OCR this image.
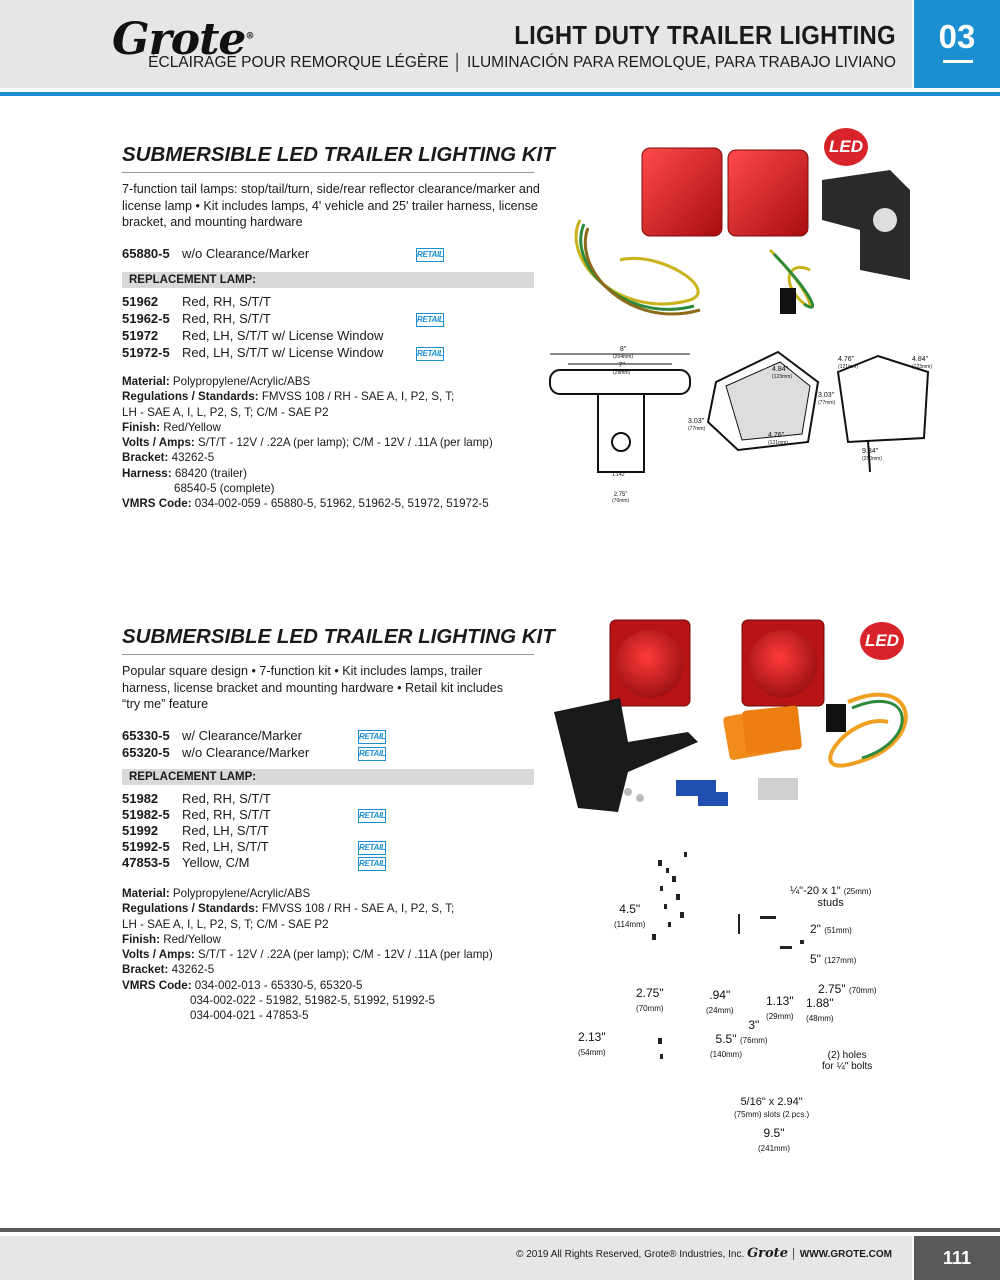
Grote®	LIGHT DUTY TRAILER LIGHTING
ÉCLAIRAGE POUR REMORQUE LÉGÈRE │ ILUMINACIÓN PARA REMOLQUE, PARA TRABAJO LIVIANO
03
SUBMERSIBLE LED TRAILER LIGHTING KIT
7-function tail lamps: stop/tail/turn, side/rear reflector clearance/marker and license lamp • Kit includes lamps, 4' vehicle and 25' trailer harness, license bracket, and mounting hardware
65880-5 w/o Clearance/Marker	RETAIL
REPLACEMENT LAMP:
51962 Red, RH, S/T/T
51962-5 Red, RH, S/T/T	RETAIL
51972 Red, LH, S/T/T w/ License Window
51972-5 Red, LH, S/T/T w/ License Window	RETAIL
Material: Polypropylene/Acrylic/ABS
Regulations / Standards: FMVSS 108 / RH - SAE A, I, P2, S, T;
LH - SAE A, I, L, P2, S, T; C/M - SAE P2
Finish: Red/Yellow
Volts / Amps: S/T/T - 12V / .22A (per lamp); C/M - 12V / .11A (per lamp)
Bracket: 43262-5
Harness: 68420 (trailer)
68540-5 (complete)
VMRS Code: 034-002-059 - 65880-5, 51962, 51962-5, 51972, 51972-5
LED
8"
(204mm)
7"
(29mm)	4.84"
(123mm)
3.03"
(77mm)
4.76"
(121mm)
4.76"
(121mm)
4.84"
(123mm)
3.03"
(77mm)
9.84"
(250mm)
1.142"
2.75"
(70mm)
SUBMERSIBLE LED TRAILER LIGHTING KIT
Popular square design • 7-function kit • Kit includes lamps, trailer harness, license bracket and mounting hardware • Retail kit includes “try me” feature
65330-5 w/ Clearance/Marker	RETAIL
65320-5 w/o Clearance/Marker	RETAIL
REPLACEMENT LAMP:
51982 Red, RH, S/T/T
51982-5 Red, RH, S/T/T	RETAIL
51992 Red, LH, S/T/T
51992-5 Red, LH, S/T/T	RETAIL
47853-5 Yellow, C/M	RETAIL
Material: Polypropylene/Acrylic/ABS
Regulations / Standards: FMVSS 108 / RH - SAE A, I, P2, S, T;
LH - SAE A, I, L, P2, S, T; C/M - SAE P2
Finish: Red/Yellow
Volts / Amps: S/T/T - 12V / .22A (per lamp); C/M - 12V / .11A (per lamp)
Bracket: 43262-5
VMRS Code: 034-002-013 - 65330-5, 65320-5
034-002-022 - 51982, 51982-5, 51992, 51992-5
034-004-021 - 47853-5
LED
¼"-20 x 1" (25mm)
studs
4.5"
(114mm)	2" (51mm)
5" (127mm)
2.75"
(70mm)
.94"
(24mm)
1.13"
(29mm)
1.88"
(48mm)
2.75" (70mm)
2.13"
(54mm)
3"
(76mm)
5.5"
(140mm)	(2) holes
for ¼" bolts
5/16" x 2.94"
(75mm) slots (2 pcs.)
9.5"
(241mm)
© 2019 All Rights Reserved, Grote® Industries, Inc. Grote │ WWW.GROTE.COM	111
